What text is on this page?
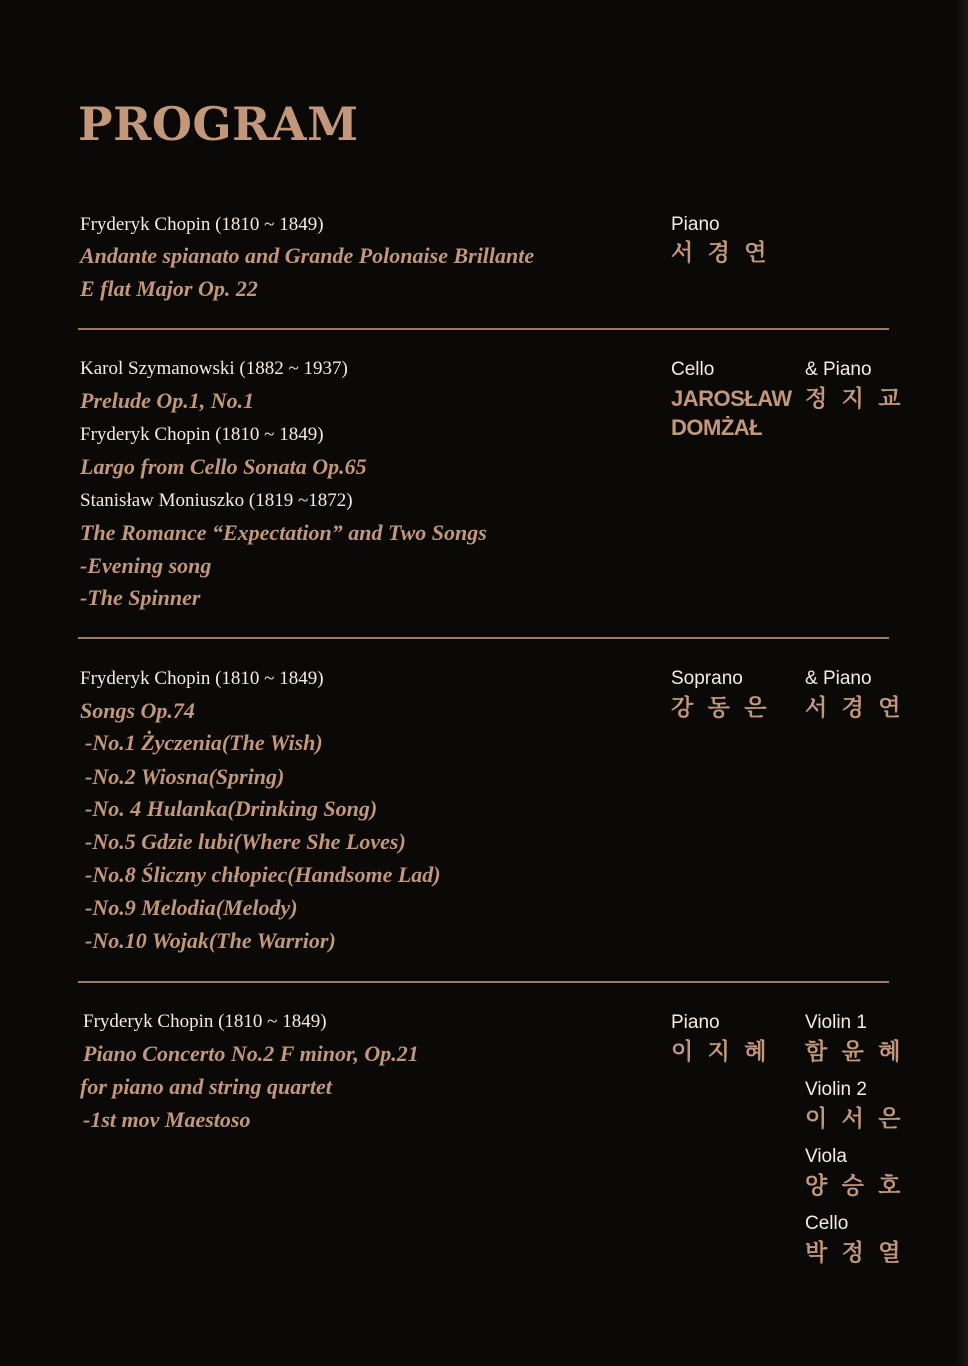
PROGRAM
Fryderyk Chopin (1810 ~ 1849)
Andante spianato and Grande Polonaise Brillante
E flat Major Op. 22
Piano
서 경 연
Karol Szymanowski (1882 ~ 1937)
Prelude Op.1, No.1
Fryderyk Chopin (1810 ~ 1849)
Largo from Cello Sonata Op.65
Stanisław Moniuszko (1819 ~1872)
The Romance “Expectation” and Two Songs
-Evening song
-The Spinner
Cello
JAROSŁAW
DOMŻAŁ
& Piano
정 지 교
Fryderyk Chopin (1810 ~ 1849)
Songs Op.74
-No.1 Życzenia(The Wish)
-No.2 Wiosna(Spring)
-No. 4 Hulanka(Drinking Song)
-No.5 Gdzie lubi(Where She Loves)
-No.8 Śliczny chłopiec(Handsome Lad)
-No.9 Melodia(Melody)
-No.10 Wojak(The Warrior)
Soprano
강 동 은
& Piano
서 경 연
Fryderyk Chopin (1810 ~ 1849)
Piano Concerto No.2 F minor, Op.21
for piano and string quartet
-1st mov Maestoso
Piano
이 지 혜
Violin 1
함 윤 혜
Violin 2
이 서 은
Viola
양 승 호
Cello
박 정 열
